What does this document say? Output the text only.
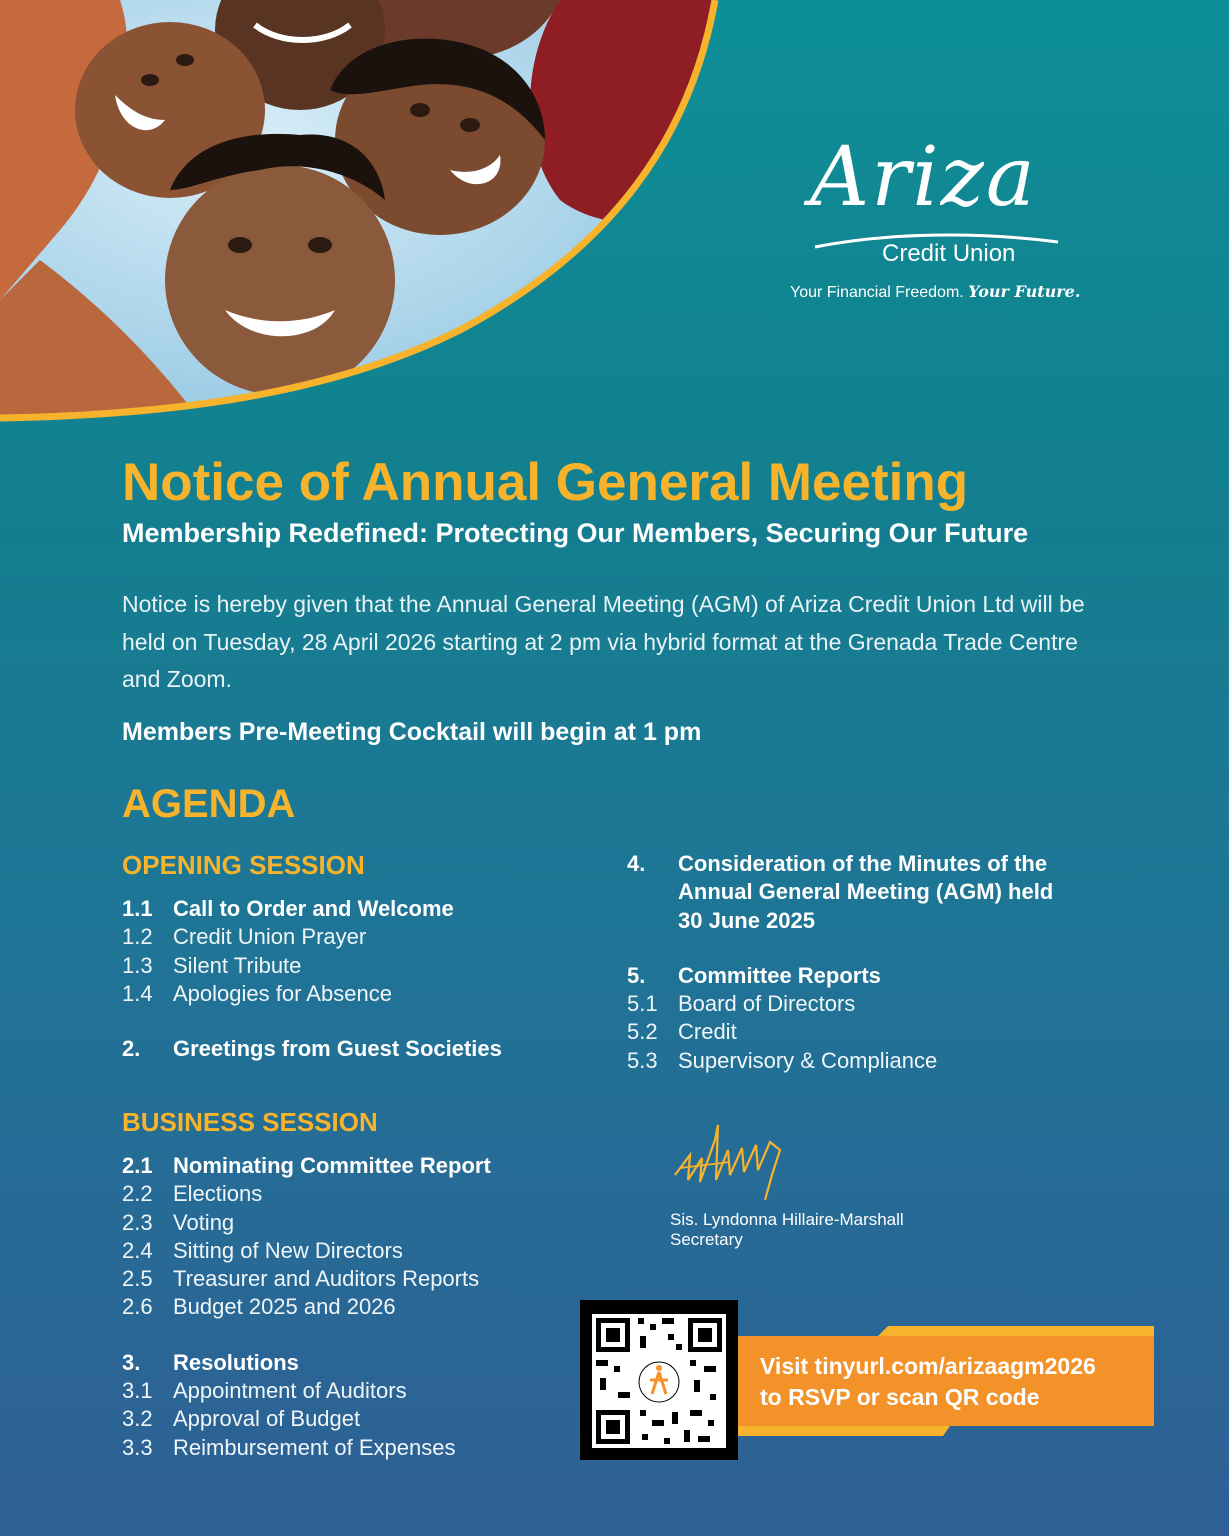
Ariza
Credit Union
Your Financial Freedom. Your Future.
Notice of Annual General Meeting
Membership Redefined: Protecting Our Members, Securing Our Future
Notice is hereby given that the Annual General Meeting (AGM) of Ariza Credit Union Ltd will be held on Tuesday, 28 April 2026 starting at 2 pm via hybrid format at the Grenada Trade Centre and Zoom.
Members Pre-Meeting Cocktail will begin at 1 pm
AGENDA
OPENING SESSION
1.1 Call to Order and Welcome
1.2 Credit Union Prayer
1.3 Silent Tribute
1.4 Apologies for Absence
2.	Greetings from Guest Societies
BUSINESS SESSION
2.1 Nominating Committee Report
2.2 Elections
2.3 Voting
2.4 Sitting of New Directors
2.5 Treasurer and Auditors Reports
2.6 Budget 2025 and 2026
3.	Resolutions
3.1 Appointment of Auditors
3.2 Approval of Budget
3.3 Reimbursement of Expenses
4.	Consideration of the Minutes of the
Annual General Meeting (AGM) held
30 June 2025
5.	Committee Reports
5.1 Board of Directors
5.2 Credit
5.3 Supervisory & Compliance
Sis. Lyndonna Hillaire-Marshall
Secretary
Visit tinyurl.com/arizaagm2026
to RSVP or scan QR code
